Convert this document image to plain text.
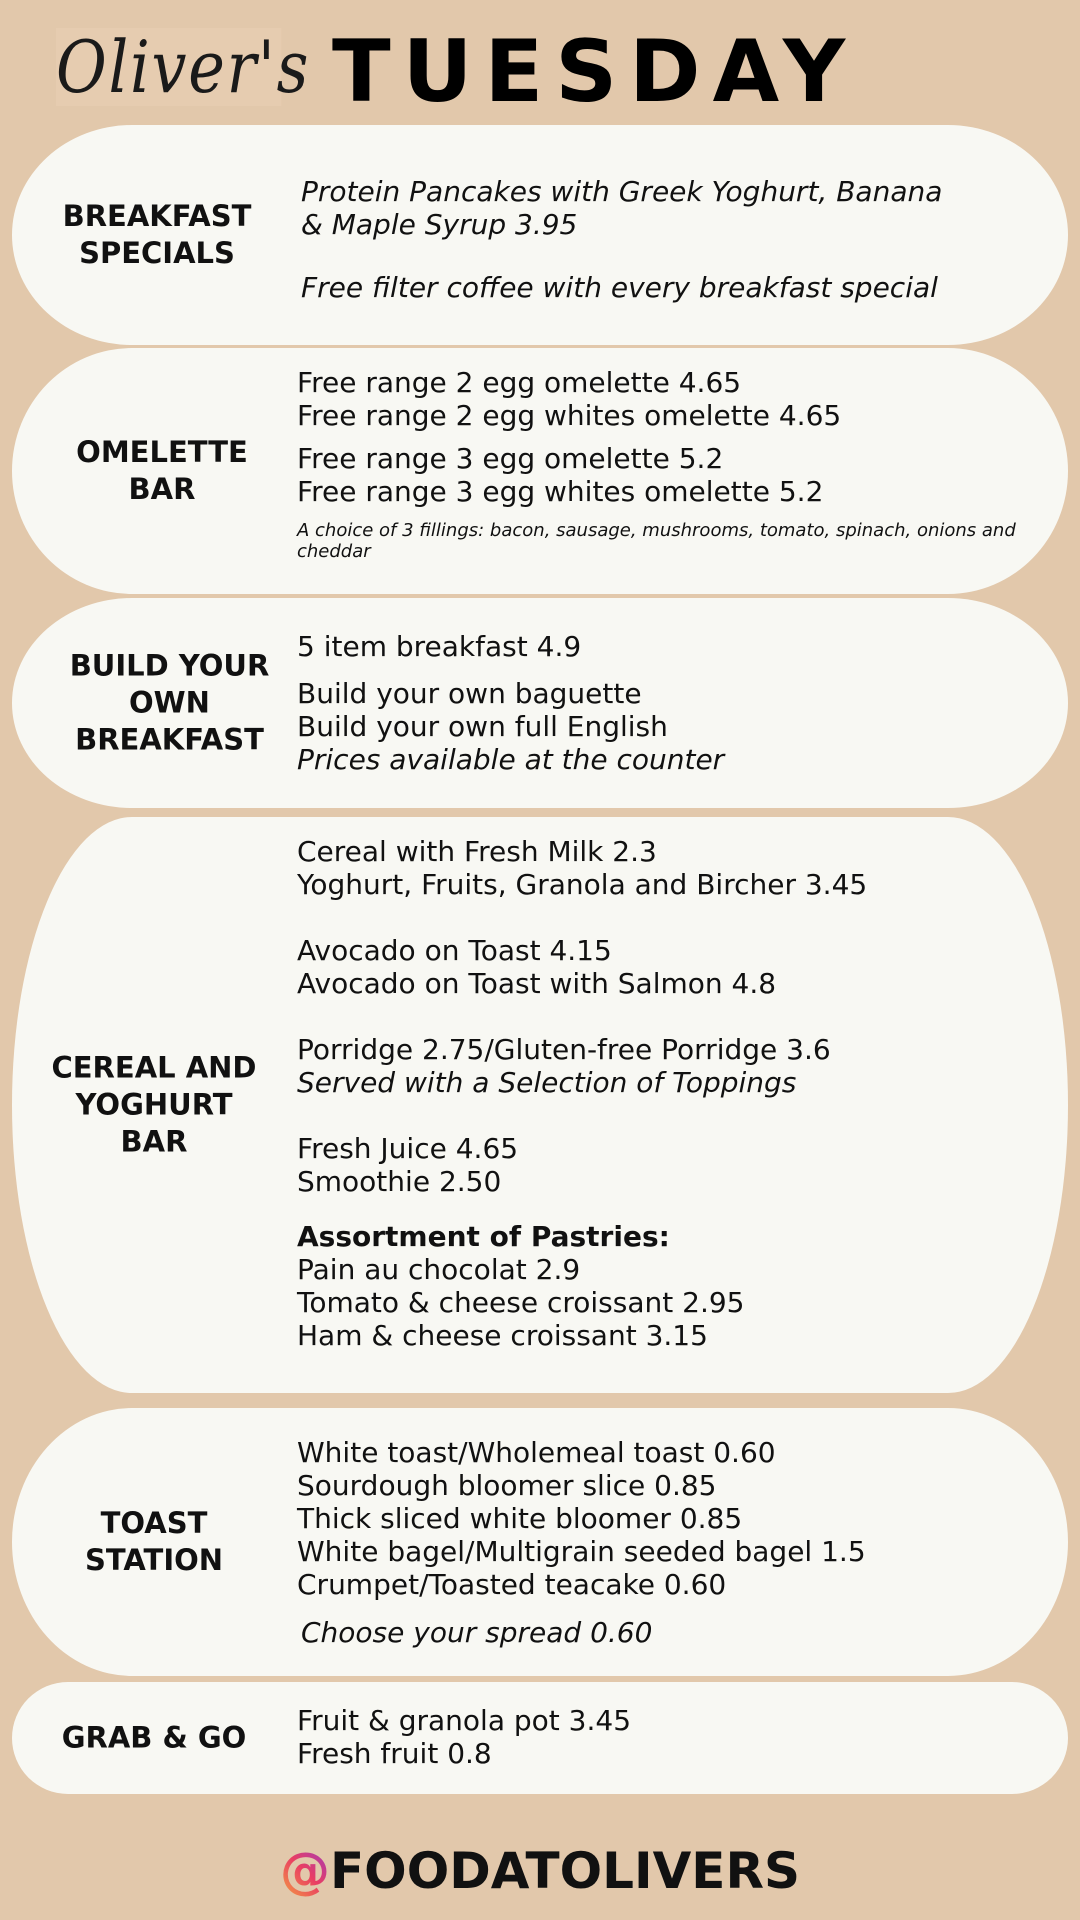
Oliver's TUESDAY
BREAKFAST
SPECIALS
Protein Pancakes with Greek Yoghurt, Banana
& Maple Syrup 3.95
Free filter coffee with every breakfast special
OMELETTE
BAR
Free range 2 egg omelette 4.65
Free range 2 egg whites omelette 4.65
Free range 3 egg omelette 5.2
Free range 3 egg whites omelette 5.2
A choice of 3 fillings: bacon, sausage, mushrooms, tomato, spinach, onions and cheddar
BUILD YOUR
OWN
BREAKFAST
5 item breakfast 4.9
Build your own baguette
Build your own full English
Prices available at the counter
CEREAL AND
YOGHURT
BAR
Cereal with Fresh Milk 2.3
Yoghurt, Fruits, Granola and Bircher 3.45
Avocado on Toast 4.15
Avocado on Toast with Salmon 4.8
Porridge 2.75/Gluten-free Porridge 3.6
Served with a Selection of Toppings
Fresh Juice 4.65
Smoothie 2.50
Assortment of Pastries:
Pain au chocolat 2.9
Tomato & cheese croissant 2.95
Ham & cheese croissant 3.15
TOAST
STATION
White toast/Wholemeal toast 0.60
Sourdough bloomer slice 0.85
Thick sliced white bloomer 0.85
White bagel/Multigrain seeded bagel 1.5
Crumpet/Toasted teacake 0.60
Choose your spread 0.60
GRAB & GO	Fruit & granola pot 3.45
Fresh fruit 0.8
@FOODATOLIVERS
